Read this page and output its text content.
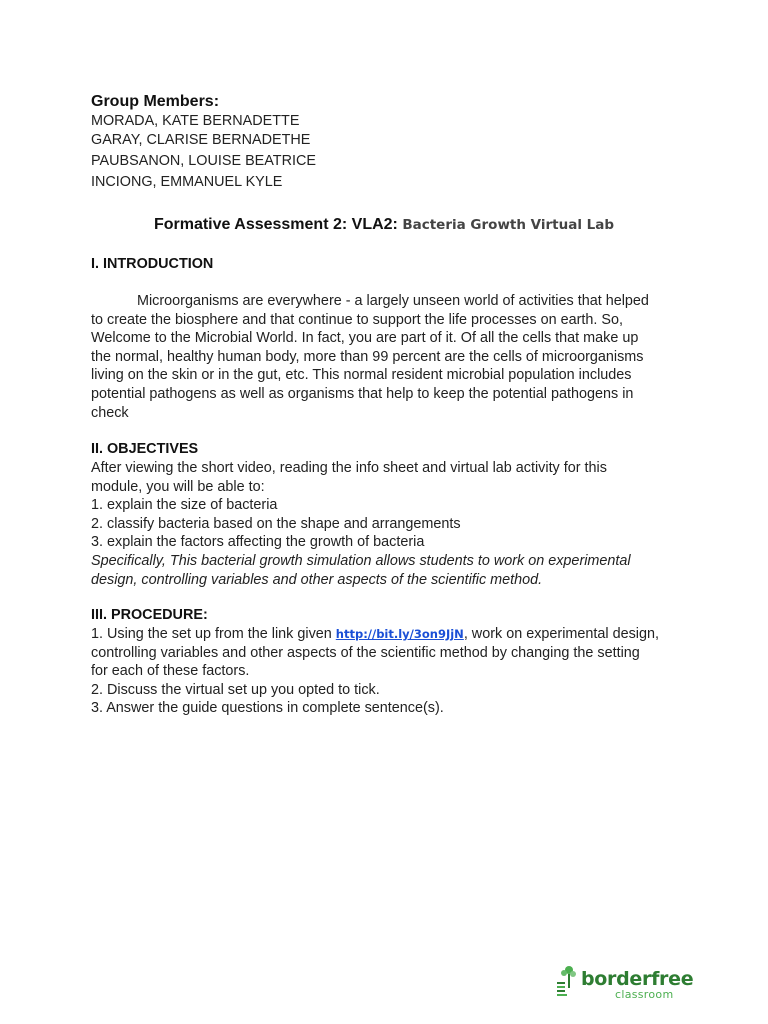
Group Members:
MORADA, KATE BERNADETTE
GARAY, CLARISE BERNADETHE
PAUBSANON, LOUISE BEATRICE
INCIONG, EMMANUEL KYLE
Formative Assessment 2: VLA2: Bacteria Growth Virtual Lab
I. INTRODUCTION
Microorganisms are everywhere - a largely unseen world of activities that helped
to create the biosphere and that continue to support the life processes on earth. So,
Welcome to the Microbial World. In fact, you are part of it. Of all the cells that make up
the normal, healthy human body, more than 99 percent are the cells of microorganisms
living on the skin or in the gut, etc. This normal resident microbial population includes
potential pathogens as well as organisms that help to keep the potential pathogens in
check
II. OBJECTIVES
After viewing the short video, reading the info sheet and virtual lab activity for this
module, you will be able to:
1. explain the size of bacteria
2. classify bacteria based on the shape and arrangements
3. explain the factors affecting the growth of bacteria
Specifically, This bacterial growth simulation allows students to work on experimental
design, controlling variables and other aspects of the scientific method.
III. PROCEDURE:
1. Using the set up from the link given http://bit.ly/3on9JjN, work on experimental design,
controlling variables and other aspects of the scientific method by changing the setting
for each of these factors.
2. Discuss the virtual set up you opted to tick.
3. Answer the guide questions in complete sentence(s).
borderfree
classroom
